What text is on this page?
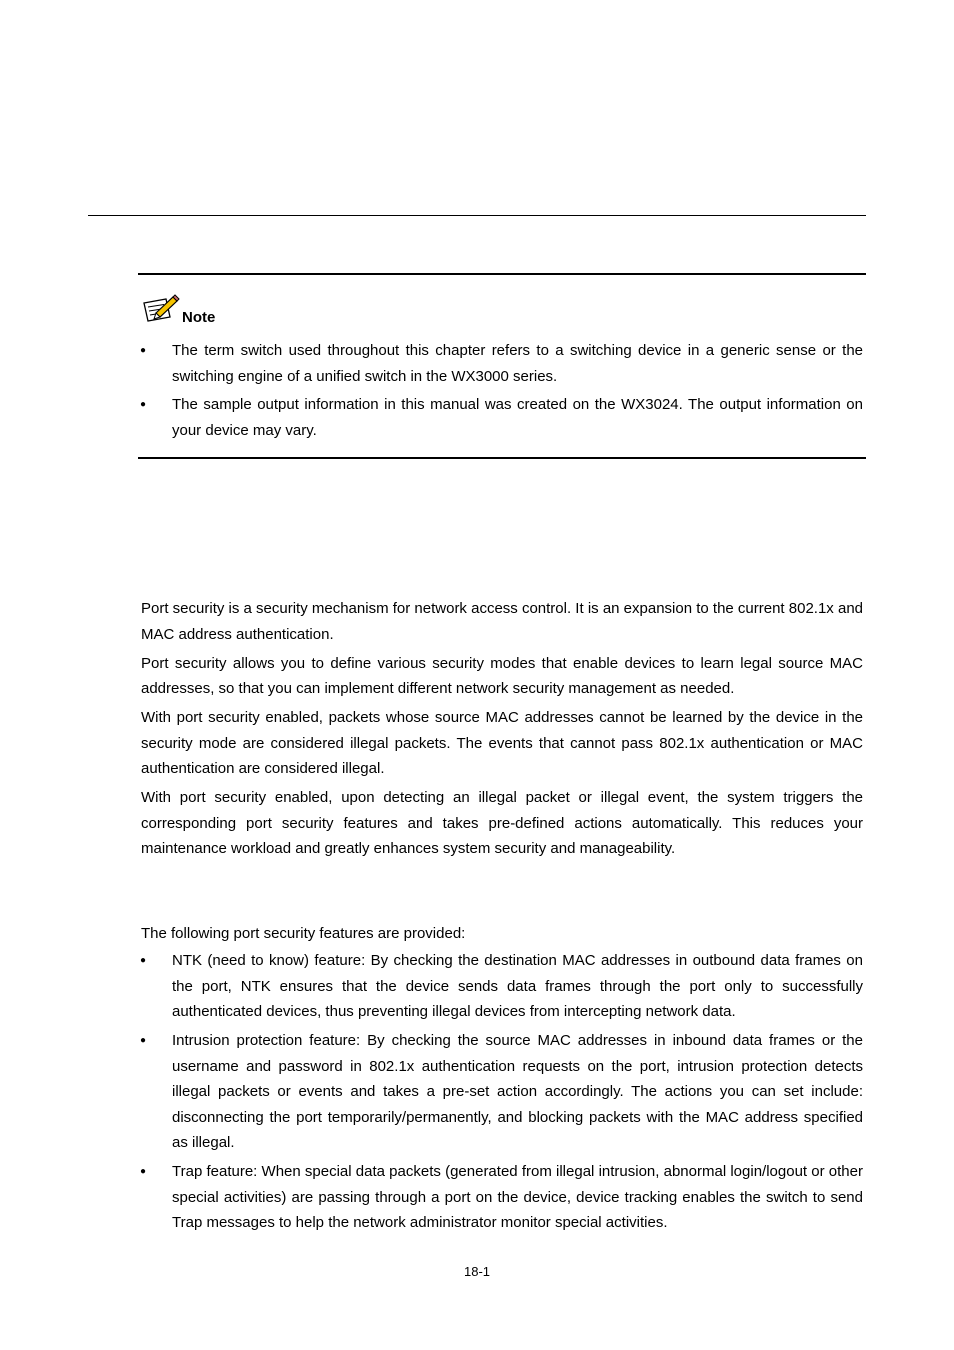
Note
● The term switch used throughout this chapter refers to a switching device in a generic sense or the switching engine of a unified switch in the WX3000 series.
● The sample output information in this manual was created on the WX3024. The output information on your device may vary.

Port security is a security mechanism for network access control. It is an expansion to the current 802.1x and MAC address authentication.

Port security allows you to define various security modes that enable devices to learn legal source MAC addresses, so that you can implement different network security management as needed.

With port security enabled, packets whose source MAC addresses cannot be learned by the device in the security mode are considered illegal packets. The events that cannot pass 802.1x authentication or MAC authentication are considered illegal.

With port security enabled, upon detecting an illegal packet or illegal event, the system triggers the corresponding port security features and takes pre-defined actions automatically. This reduces your maintenance workload and greatly enhances system security and manageability.

The following port security features are provided:

● NTK (need to know) feature: By checking the destination MAC addresses in outbound data frames on the port, NTK ensures that the device sends data frames through the port only to successfully authenticated devices, thus preventing illegal devices from intercepting network data.
● Intrusion protection feature: By checking the source MAC addresses in inbound data frames or the username and password in 802.1x authentication requests on the port, intrusion protection detects illegal packets or events and takes a pre-set action accordingly. The actions you can set include: disconnecting the port temporarily/permanently, and blocking packets with the MAC address specified as illegal.
● Trap feature: When special data packets (generated from illegal intrusion, abnormal login/logout or other special activities) are passing through a port on the device, device tracking enables the switch to send Trap messages to help the network administrator monitor special activities.
18-1
